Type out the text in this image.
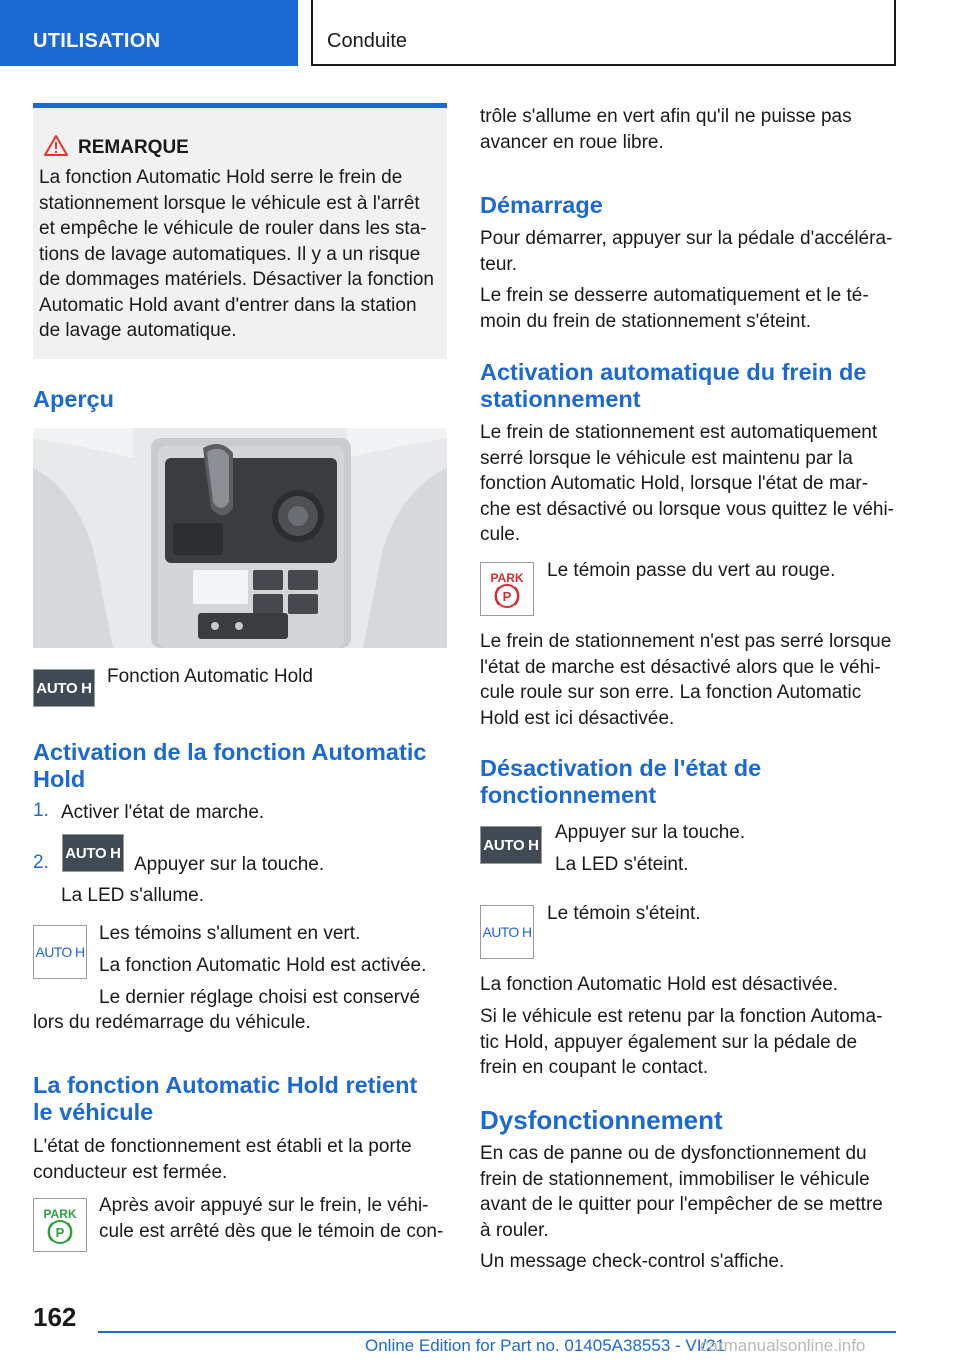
UTILISATION	Conduite
REMARQUE
La fonction Automatic Hold serre le frein de
stationnement lorsque le véhicule est à l'arrêt
et empêche le véhicule de rouler dans les sta-
tions de lavage automatiques. Il y a un risque
de dommages matériels. Désactiver la fonction
Automatic Hold avant d'entrer dans la station
de lavage automatique.
Aperçu
AUTO H
Fonction Automatic Hold
Activation de la fonction Automatic
Hold
1. Activer l'état de marche.
2. AUTO H
Appuyer sur la touche.
La LED s'allume.
AUTO H
Les témoins s'allument en vert.
La fonction Automatic Hold est activée.
Le dernier réglage choisi est conservé
lors du redémarrage du véhicule.
La fonction Automatic Hold retient
le véhicule
L'état de fonctionnement est établi et la porte
conducteur est fermée.
PARK
P
Après avoir appuyé sur le frein, le véhi-
cule est arrêté dès que le témoin de con-
trôle s'allume en vert afin qu'il ne puisse pas
avancer en roue libre.
Démarrage
Pour démarrer, appuyer sur la pédale d'accéléra-
teur.
Le frein se desserre automatiquement et le té-
moin du frein de stationnement s'éteint.
Activation automatique du frein de
stationnement
Le frein de stationnement est automatiquement
serré lorsque le véhicule est maintenu par la
fonction Automatic Hold, lorsque l'état de mar-
che est désactivé ou lorsque vous quittez le véhi-
cule.
PARK
P
Le témoin passe du vert au rouge.
Le frein de stationnement n'est pas serré lorsque
l'état de marche est désactivé alors que le véhi-
cule roule sur son erre. La fonction Automatic
Hold est ici désactivée.
Désactivation de l'état de
fonctionnement
AUTO H
Appuyer sur la touche.
La LED s'éteint.
AUTO H
Le témoin s'éteint.
La fonction Automatic Hold est désactivée.
Si le véhicule est retenu par la fonction Automa-
tic Hold, appuyer également sur la pédale de
frein en coupant le contact.
Dysfonctionnement
En cas de panne ou de dysfonctionnement du
frein de stationnement, immobiliser le véhicule
avant de le quitter pour l'empêcher de se mettre
à rouler.
Un message check-control s'affiche.
162
Online Edition for Part no. 01405A38553 - VI/21
carmanualsonline.info
